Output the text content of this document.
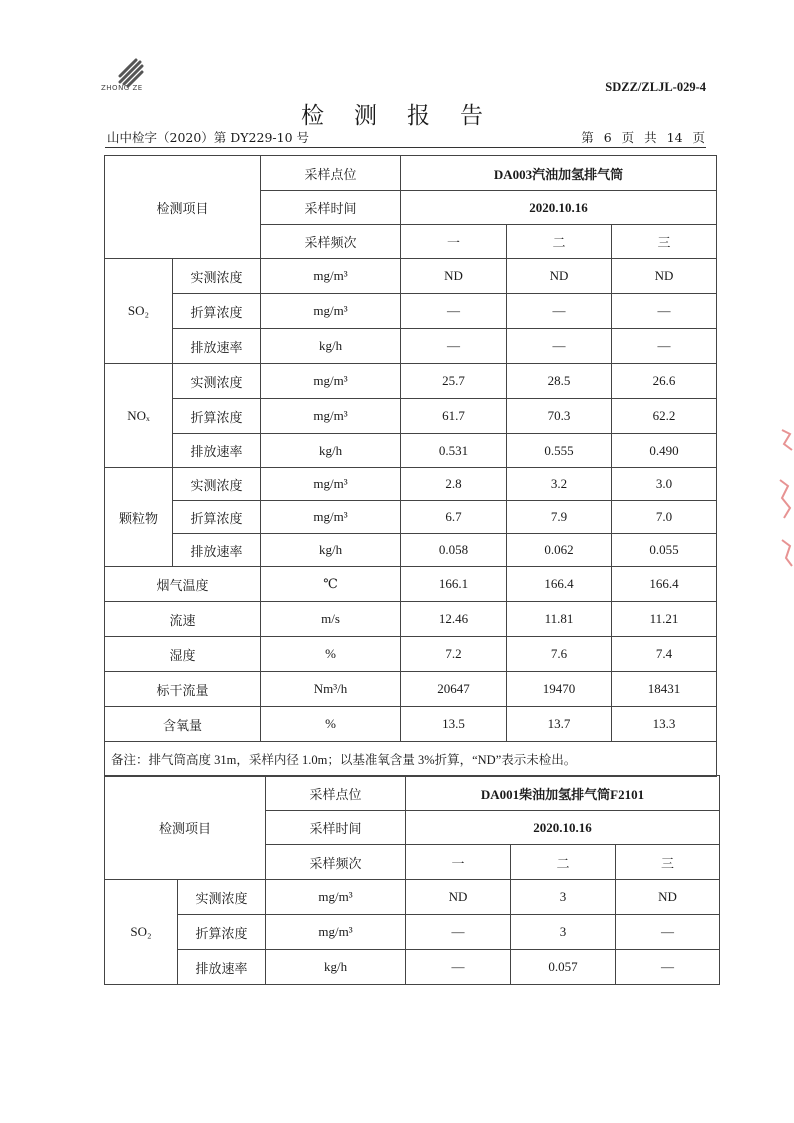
ZHONG ZE	SDZZ/ZLJL-029-4
检测报告
山中检字（2020）第 DY229-10 号	第 6 页 共 14 页
检测项目		采样点位	DA003汽油加氢排气筒		
		采样时间	2020.10.16		
		采样频次	一	二	三
SO₂	实测浓度	mg/m³	ND	ND	ND
	折算浓度	mg/m³	—	—	—
	排放速率	kg/h	—	—	—
NOₓ	实测浓度	mg/m³	25.7	28.5	26.6
	折算浓度	mg/m³	61.7	70.3	62.2
	排放速率	kg/h	0.531	0.555	0.490
颗粒物	实测浓度	mg/m³	2.8	3.2	3.0
	折算浓度	mg/m³	6.7	7.9	7.0
	排放速率	kg/h	0.058	0.062	0.055
烟气温度		℃	166.1	166.4	166.4
流速		m/s	12.46	11.81	11.21
湿度		%	7.2	7.6	7.4
标干流量		Nm³/h	20647	19470	18431
含氧量		%	13.5	13.7	13.3
备注：排气筒高度 31m，采样内径 1.0m；以基准氧含量 3%折算，“ND”表示未检出。					
检测项目		采样点位	DA001柴油加氢排气筒F2101		
		采样时间	2020.10.16		
		采样频次	一	二	三
SO₂	实测浓度	mg/m³	ND	3	ND
	折算浓度	mg/m³	—	3	—
	排放速率	kg/h	—	0.057	—
